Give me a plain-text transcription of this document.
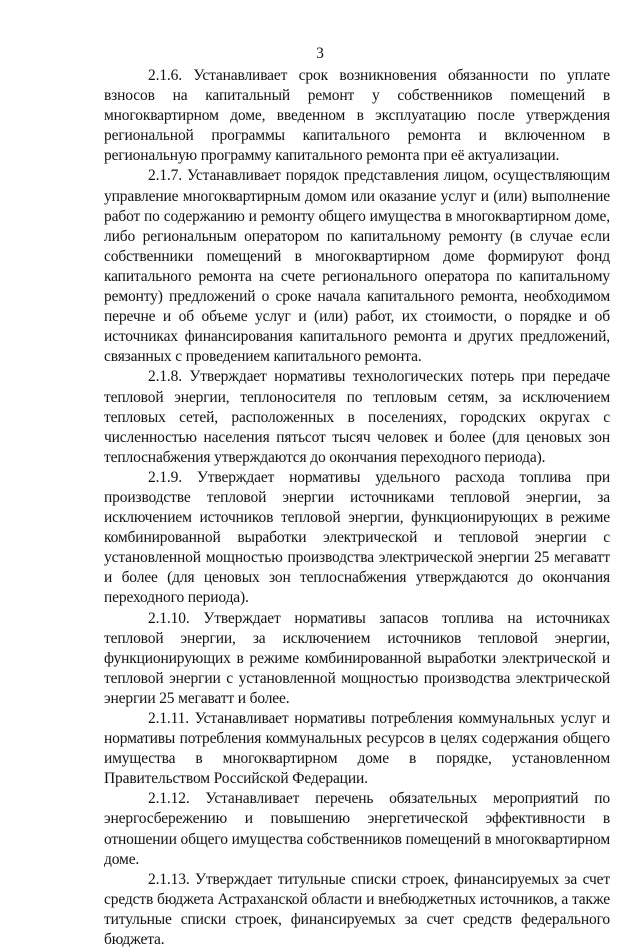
3

2.1.6. Устанавливает срок возникновения обязанности по уплате взносов на капитальный ремонт у собственников помещений в многоквартирном доме, введенном в эксплуатацию после утверждения региональной программы капитального ремонта и включенном в региональную программу капитального ремонта при её актуализации.

2.1.7. Устанавливает порядок представления лицом, осуществляющим управление многоквартирным домом или оказание услуг и (или) выполнение работ по содержанию и ремонту общего имущества в многоквартирном доме, либо региональным оператором по капитальному ремонту (в случае если собственники помещений в многоквартирном доме формируют фонд капитального ремонта на счете регионального оператора по капитальному ремонту) предложений о сроке начала капитального ремонта, необходимом перечне и об объеме услуг и (или) работ, их стоимости, о порядке и об источниках финансирования капитального ремонта и других предложений, связанных с проведением капитального ремонта.

2.1.8. Утверждает нормативы технологических потерь при передаче тепловой энергии, теплоносителя по тепловым сетям, за исключением тепловых сетей, расположенных в поселениях, городских округах с численностью населения пятьсот тысяч человек и более (для ценовых зон теплоснабжения утверждаются до окончания переходного периода).

2.1.9. Утверждает нормативы удельного расхода топлива при производстве тепловой энергии источниками тепловой энергии, за исключением источников тепловой энергии, функционирующих в режиме комбинированной выработки электрической и тепловой энергии с установленной мощностью производства электрической энергии 25 мегаватт и более (для ценовых зон теплоснабжения утверждаются до окончания переходного периода).

2.1.10. Утверждает нормативы запасов топлива на источниках тепловой энергии, за исключением источников тепловой энергии, функционирующих в режиме комбинированной выработки электрической и тепловой энергии с установленной мощностью производства электрической энергии 25 мегаватт и более.

2.1.11. Устанавливает нормативы потребления коммунальных услуг и нормативы потребления коммунальных ресурсов в целях содержания общего имущества в многоквартирном доме в порядке, установленном Правительством Российской Федерации.

2.1.12. Устанавливает перечень обязательных мероприятий по энергосбережению и повышению энергетической эффективности в отношении общего имущества собственников помещений в многоквартирном доме.

2.1.13. Утверждает титульные списки строек, финансируемых за счет средств бюджета Астраханской области и внебюджетных источников, а также титульные списки строек, финансируемых за счет средств федерального бюджета.
